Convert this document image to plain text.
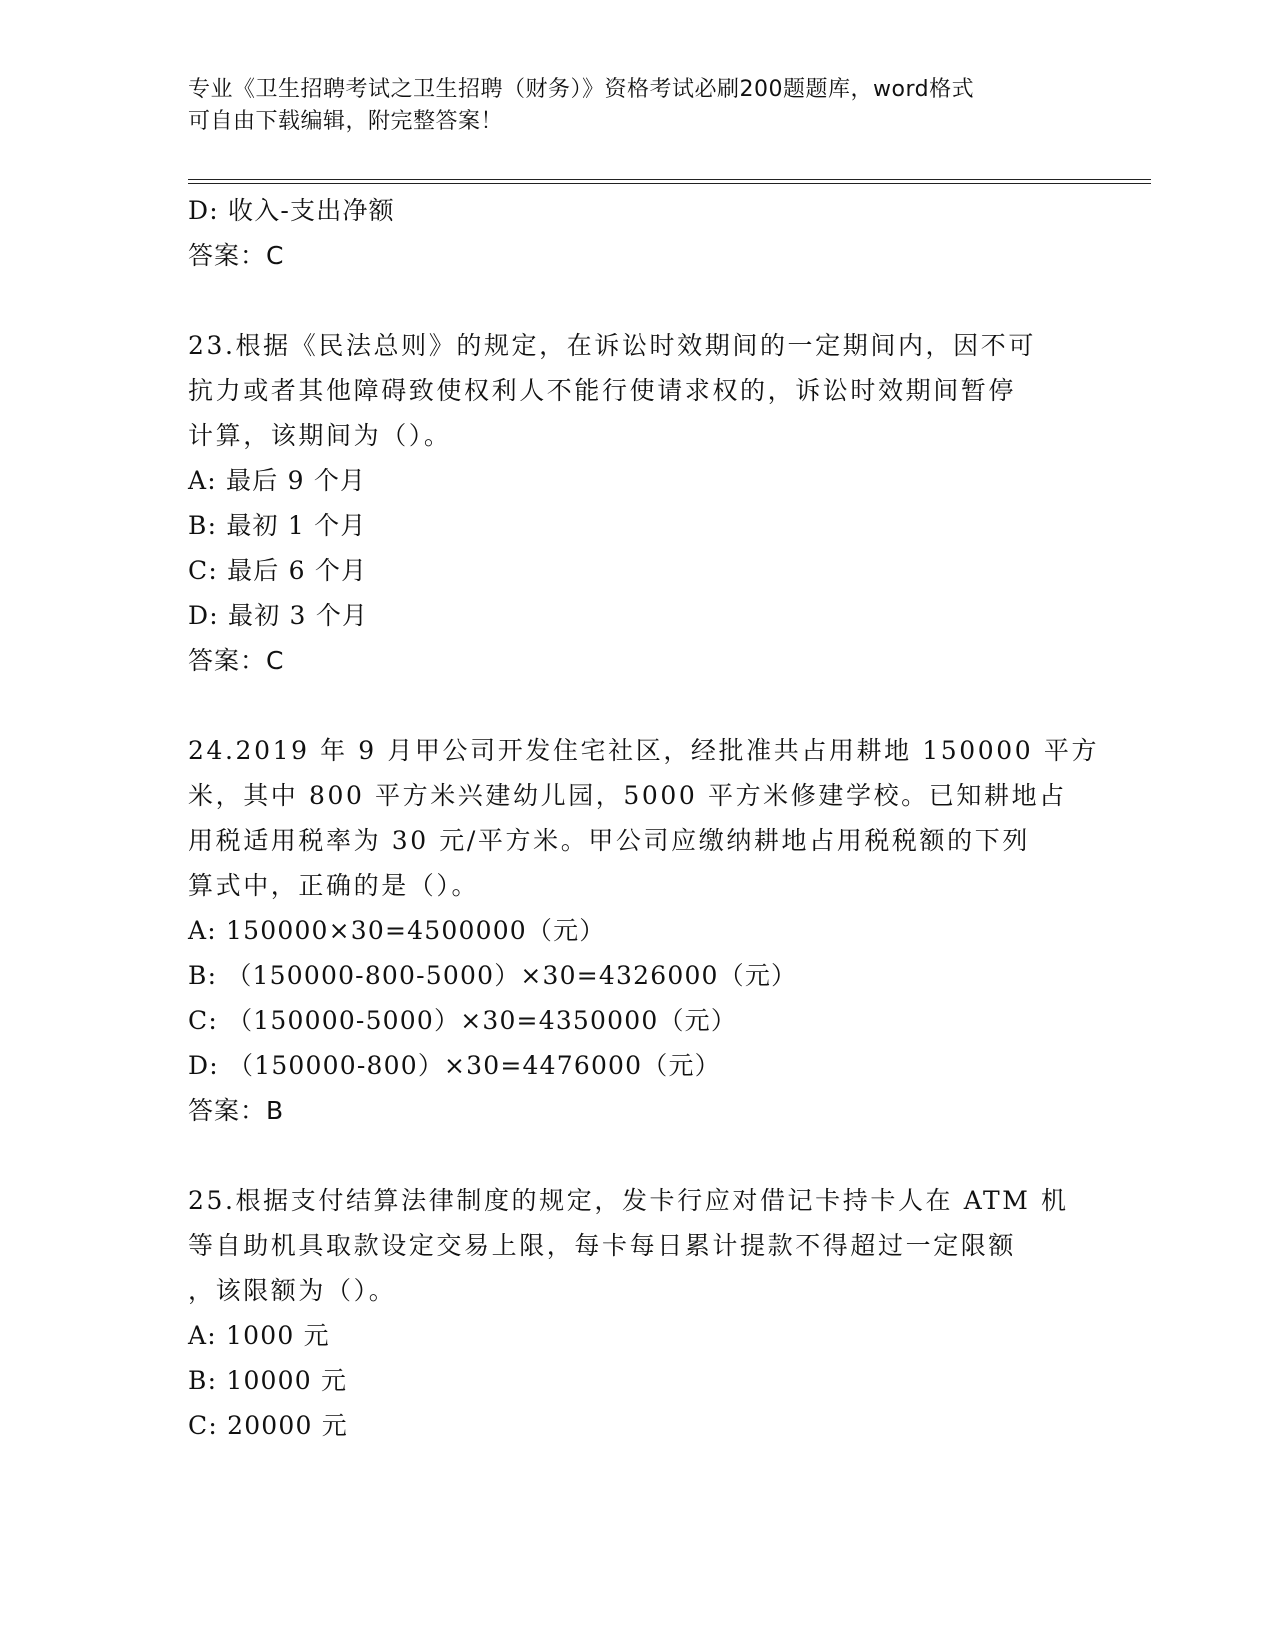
专业《卫生招聘考试之卫生招聘（财务）》资格考试必刷200题题库，word格式
可自由下载编辑，附完整答案！
D: 收入-支出净额
答案：C
23.根据《民法总则》的规定，在诉讼时效期间的一定期间内，因不可
抗力或者其他障碍致使权利人不能行使请求权的，诉讼时效期间暂停
计算，该期间为（）。
A: 最后 9 个月
B: 最初 1 个月
C: 最后 6 个月
D: 最初 3 个月
答案：C
24.2019 年 9 月甲公司开发住宅社区，经批准共占用耕地 150000 平方
米，其中 800 平方米兴建幼儿园，5000 平方米修建学校。已知耕地占
用税适用税率为 30 元/平方米。甲公司应缴纳耕地占用税税额的下列
算式中，正确的是（）。
A: 150000×30=4500000（元）
B: （150000-800-5000）×30=4326000（元）
C: （150000-5000）×30=4350000（元）
D: （150000-800）×30=4476000（元）
答案：B
25.根据支付结算法律制度的规定，发卡行应对借记卡持卡人在 ATM 机
等自助机具取款设定交易上限，每卡每日累计提款不得超过一定限额
，该限额为（）。
A: 1000 元
B: 10000 元
C: 20000 元
